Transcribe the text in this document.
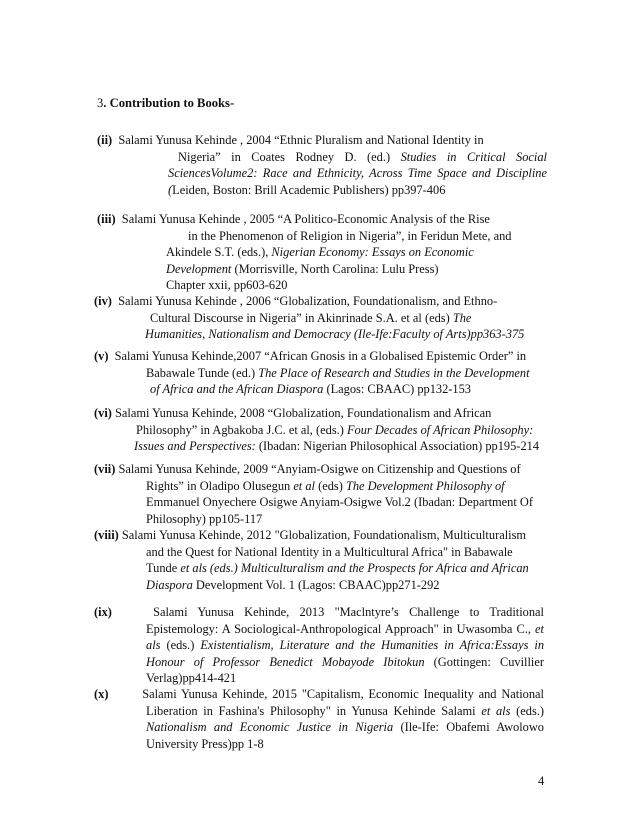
3. Contribution to Books-
(ii) Salami Yunusa Kehinde , 2004 “Ethnic Pluralism and National Identity in
Nigeria” in Coates Rodney D. (ed.) Studies in Critical Social
SciencesVolume2: Race and Ethnicity, Across Time Space and Discipline
(Leiden, Boston: Brill Academic Publishers) pp397-406
(iii) Salami Yunusa Kehinde , 2005 “A Politico-Economic Analysis of the Rise
in the Phenomenon of Religion in Nigeria”, in Feridun Mete, and
Akindele S.T. (eds.), Nigerian Economy: Essays on Economic
Development (Morrisville, North Carolina: Lulu Press)
Chapter xxii, pp603-620
(iv) Salami Yunusa Kehinde , 2006 “Globalization, Foundationalism, and Ethno-
Cultural Discourse in Nigeria” in Akinrinade S.A. et al (eds) The
Humanities, Nationalism and Democracy (Ile-Ife:Faculty of Arts)pp363-375
(v) Salami Yunusa Kehinde,2007 “African Gnosis in a Globalised Epistemic Order” in
Babawale Tunde (ed.) The Place of Research and Studies in the Development
of Africa and the African Diaspora (Lagos: CBAAC) pp132-153
(vi) Salami Yunusa Kehinde, 2008 “Globalization, Foundationalism and African
Philosophy” in Agbakoba J.C. et al, (eds.) Four Decades of African Philosophy:
Issues and Perspectives: (Ibadan: Nigerian Philosophical Association) pp195-214
(vii) Salami Yunusa Kehinde, 2009 “Anyiam-Osigwe on Citizenship and Questions of
Rights” in Oladipo Olusegun et al (eds) The Development Philosophy of
Emmanuel Onyechere Osigwe Anyiam-Osigwe Vol.2 (Ibadan: Department Of
Philosophy) pp105-117
(viii) Salami Yunusa Kehinde, 2012 "Globalization, Foundationalism, Multiculturalism
and the Quest for National Identity in a Multicultural Africa" in Babawale
Tunde et als (eds.) Multiculturalism and the Prospects for Africa and African
Diaspora Development Vol. 1 (Lagos: CBAAC)pp271-292
(ix)	Salami Yunusa Kehinde, 2013 "Maclntyre’s Challenge to Traditional
Epistemology: A Sociological-Anthropological Approach" in Uwasomba C., et
als (eds.) Existentialism, Literature and the Humanities in Africa:Essays in
Honour of Professor Benedict Mobayode Ibitokun (Gottingen: Cuvillier
Verlag)pp414-421
(x)	Salami Yunusa Kehinde, 2015 "Capitalism, Economic Inequality and National
Liberation in Fashina's Philosophy" in Yunusa Kehinde Salami et als (eds.)
Nationalism and Economic Justice in Nigeria (Ile-Ife: Obafemi Awolowo
University Press)pp 1-8
4
